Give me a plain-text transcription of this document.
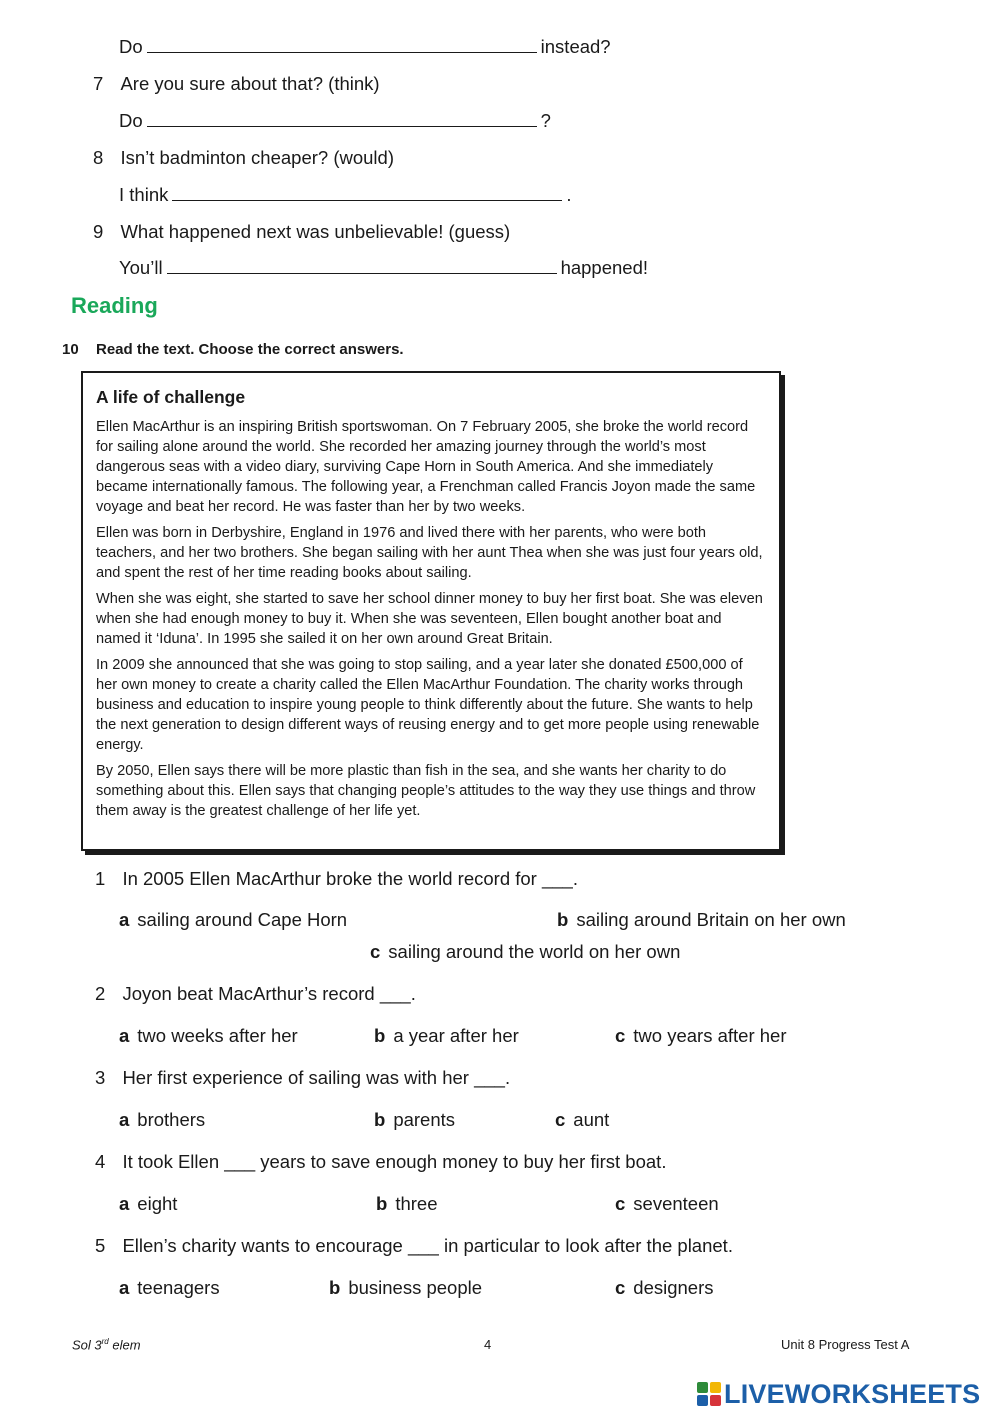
Do	instead?
7 Are you sure about that? (think)
Do	?
8 Isn’t badminton cheaper? (would)
I think	.
9 What happened next was unbelievable! (guess)
You’ll	happened!
Reading
10 Read the text. Choose the correct answers.
A life of challenge

Ellen MacArthur is an inspiring British sportswoman. On 7 February 2005, she broke the world record for sailing alone around the world. She recorded her amazing journey through the world’s most dangerous seas with a video diary, surviving Cape Horn in South America. And she immediately became internationally famous. The following year, a Frenchman called Francis Joyon made the same voyage and beat her record. He was faster than her by two weeks.

Ellen was born in Derbyshire, England in 1976 and lived there with her parents, who were both teachers, and her two brothers. She began sailing with her aunt Thea when she was just four years old, and spent the rest of her time reading books about sailing.

When she was eight, she started to save her school dinner money to buy her first boat. She was eleven when she had enough money to buy it. When she was seventeen, Ellen bought another boat and named it ‘Iduna’. In 1995 she sailed it on her own around Great Britain.

In 2009 she announced that she was going to stop sailing, and a year later she donated £500,000 of her own money to create a charity called the Ellen MacArthur Foundation. The charity works through business and education to inspire young people to think differently about the future. She wants to help the next generation to design different ways of reusing energy and to get more people using renewable energy.

By 2050, Ellen says there will be more plastic than fish in the sea, and she wants her charity to do something about this. Ellen says that changing people’s attitudes to the way they use things and throw them away is the greatest challenge of her life yet.

1 In 2005 Ellen MacArthur broke the world record for ___.
a sailing around Cape Horn	b sailing around Britain on her own
c sailing around the world on her own
2 Joyon beat MacArthur’s record ___.
a two weeks after her	b a year after her	c two years after her
3 Her first experience of sailing was with her ___.
a brothers	b parents	c aunt
4 It took Ellen ___ years to save enough money to buy her first boat.
a eight	b three	c seventeen
5 Ellen’s charity wants to encourage ___ in particular to look after the planet.
a teenagers	b business people	c designers
Sol 3rd elem	4	Unit 8 Progress Test A
LIVEWORKSHEETS
